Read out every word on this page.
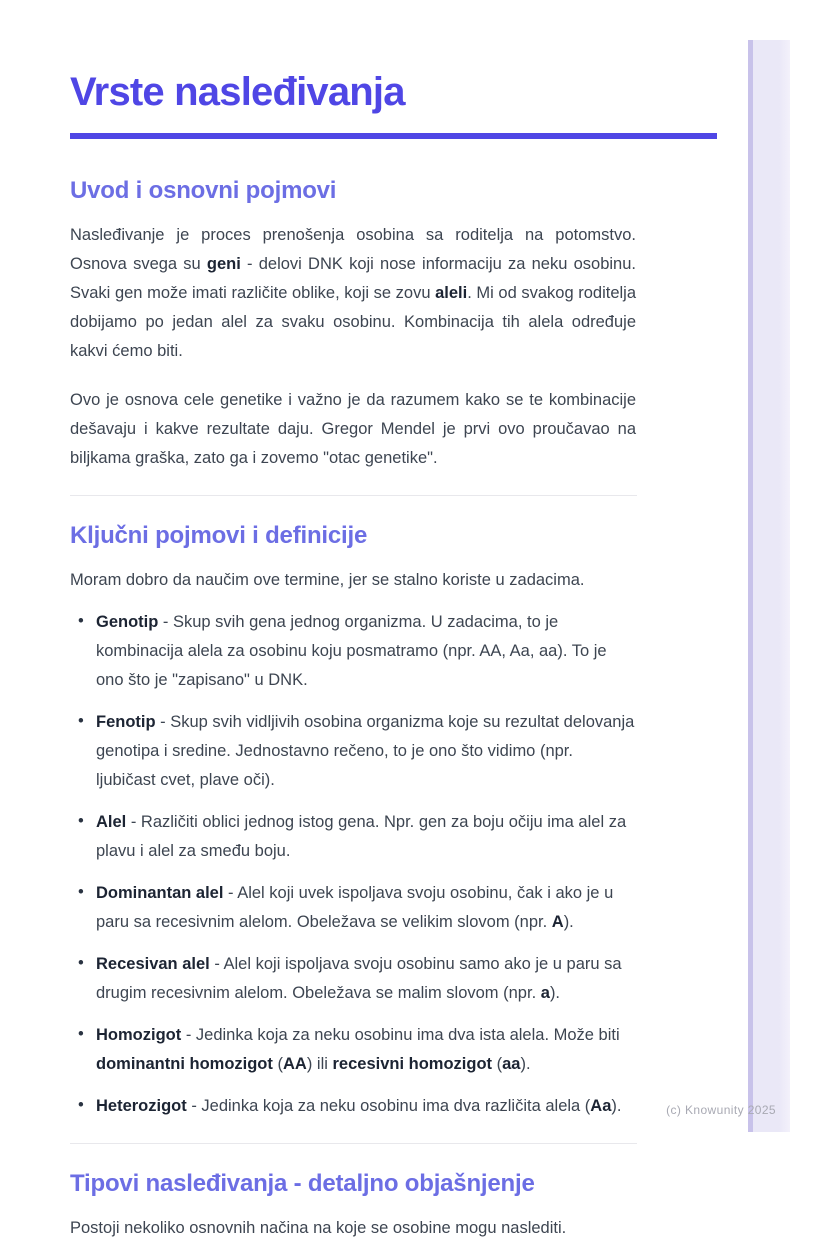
Vrste nasleđivanja
Uvod i osnovni pojmovi

Nasleđivanje je proces prenošenja osobina sa roditelja na potomstvo. Osnova svega su geni - delovi DNK koji nose informaciju za neku osobinu. Svaki gen može imati različite oblike, koji se zovu aleli. Mi od svakog roditelja dobijamo po jedan alel za svaku osobinu. Kombinacija tih alela određuje kakvi ćemo biti.

Ovo je osnova cele genetike i važno je da razumem kako se te kombinacije dešavaju i kakve rezultate daju. Gregor Mendel je prvi ovo proučavao na biljkama graška, zato ga i zovemo "otac genetike".

Ključni pojmovi i definicije

Moram dobro da naučim ove termine, jer se stalno koriste u zadacima.

• Genotip - Skup svih gena jednog organizma. U zadacima, to je kombinacija alela za osobinu koju posmatramo (npr. AA, Aa, aa). To je ono što je "zapisano" u DNK.
• Fenotip - Skup svih vidljivih osobina organizma koje su rezultat delovanja genotipa i sredine. Jednostavno rečeno, to je ono što vidimo (npr. ljubičast cvet, plave oči).
• Alel - Različiti oblici jednog istog gena. Npr. gen za boju očiju ima alel za plavu i alel za smeđu boju.
• Dominantan alel - Alel koji uvek ispoljava svoju osobinu, čak i ako je u paru sa recesivnim alelom. Obeležava se velikim slovom (npr. A).
• Recesivan alel - Alel koji ispoljava svoju osobinu samo ako je u paru sa drugim recesivnim alelom. Obeležava se malim slovom (npr. a).
• Homozigot - Jedinka koja za neku osobinu ima dva ista alela. Može biti dominantni homozigot (AA) ili recesivni homozigot (aa).
• Heterozigot - Jedinka koja za neku osobinu ima dva različita alela (Aa).
Tipovi nasleđivanja - detaljno objašnjenje

Postoji nekoliko osnovnih načina na koje se osobine mogu naslediti.

(c) Knowunity 2025
